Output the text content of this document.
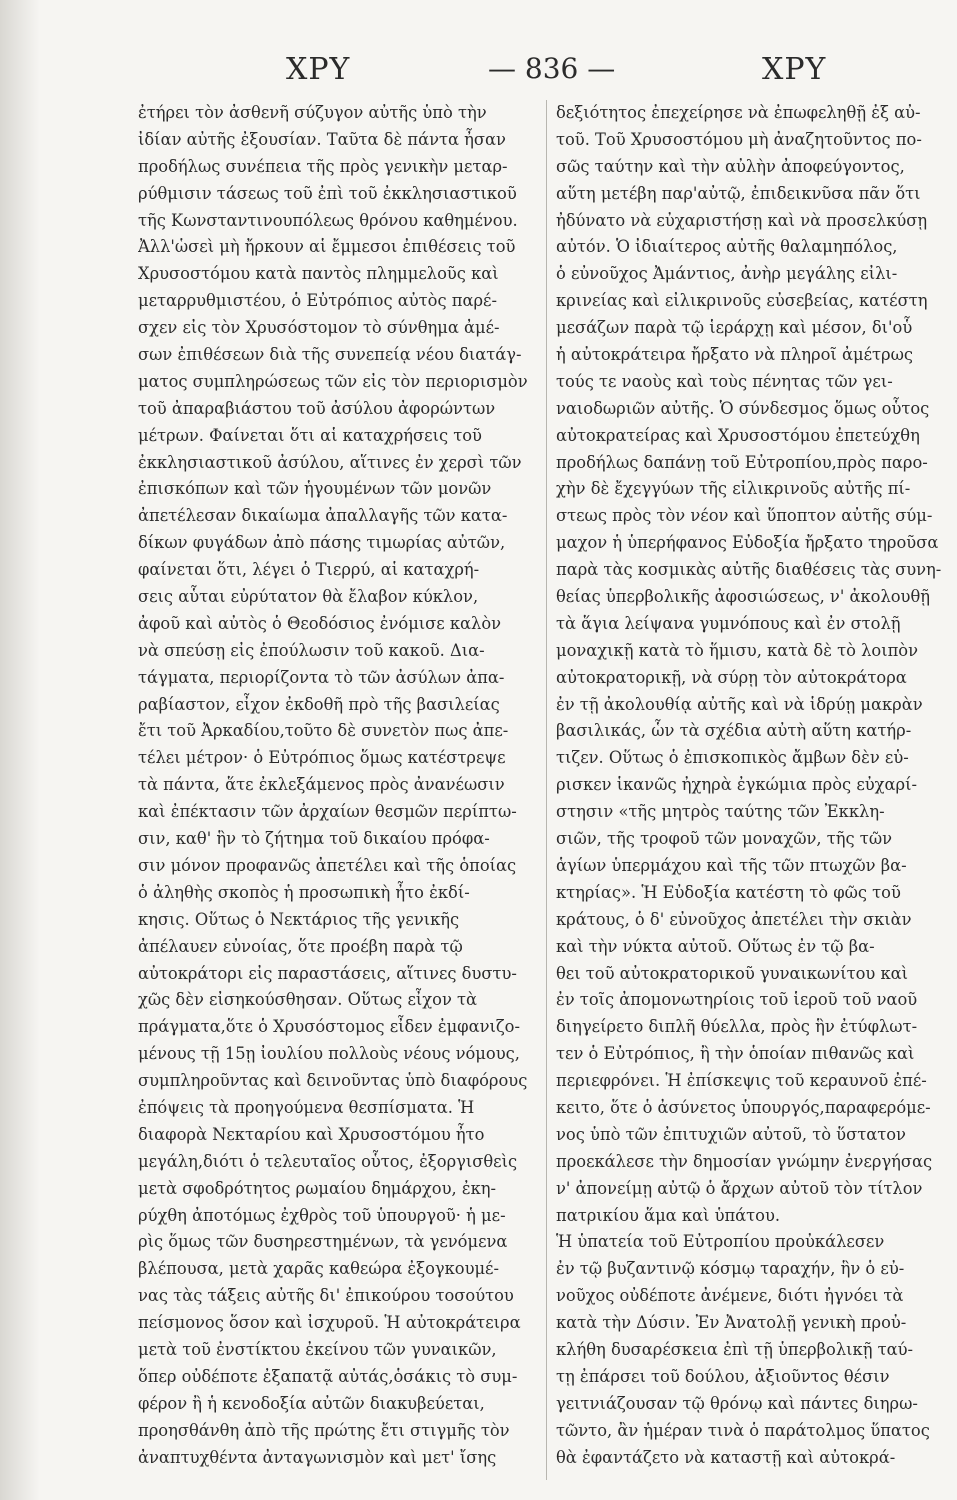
ΧΡΥ	— 836 —	ΧΡΥ
ἐτήρει τὸν ἀσθενῆ σύζυγον αὐτῆς ὑπὸ τὴν
ἰδίαν αὐτῆς ἐξουσίαν. Ταῦτα δὲ πάντα ἦσαν
προδήλως συνέπεια τῆς πρὸς γενικὴν μεταρ-
ρύθμισιν τάσεως τοῦ ἐπὶ τοῦ ἐκκλησιαστικοῦ
τῆς Κωνσταντινουπόλεως θρόνου καθημένου.
Ἀλλ'ὡσεὶ μὴ ἤρκουν αἱ ἔμμεσοι ἐπιθέσεις τοῦ
Χρυσοστόμου κατὰ παντὸς πλημμελοῦς καὶ
μεταρρυθμιστέου, ὁ Εὐτρόπιος αὐτὸς παρέ-
σχεν εἰς τὸν Χρυσόστομον τὸ σύνθημα ἀμέ-
σων ἐπιθέσεων διὰ τῆς συνεπείᾳ νέου διατάγ-
ματος συμπληρώσεως τῶν εἰς τὸν περιορισμὸν
τοῦ ἀπαραβιάστου τοῦ ἀσύλου ἀφορώντων
μέτρων. Φαίνεται ὅτι αἱ καταχρήσεις τοῦ
ἐκκλησιαστικοῦ ἀσύλου, αἵτινες ἐν χερσὶ τῶν
ἐπισκόπων καὶ τῶν ἡγουμένων τῶν μονῶν
ἀπετέλεσαν δικαίωμα ἀπαλλαγῆς τῶν κατα-
δίκων φυγάδων ἀπὸ πάσης τιμωρίας αὐτῶν,
φαίνεται ὅτι, λέγει ὁ Τιερρύ, αἱ καταχρή-
σεις αὗται εὐρύτατον θὰ ἔλαβον κύκλον,
ἀφοῦ καὶ αὐτὸς ὁ Θεοδόσιος ἐνόμισε καλὸν
νὰ σπεύσῃ εἰς ἐπούλωσιν τοῦ κακοῦ. Δια-
τάγματα, περιορίζοντα τὸ τῶν ἀσύλων ἀπα-
ραβίαστον, εἶχον ἐκδοθῆ πρὸ τῆς βασιλείας
ἔτι τοῦ Ἀρκαδίου,τοῦτο δὲ συνετὸν πως ἀπε-
τέλει μέτρον· ὁ Εὐτρόπιος ὅμως κατέστρεψε
τὰ πάντα, ἅτε ἐκλεξάμενος πρὸς ἀνανέωσιν
καὶ ἐπέκτασιν τῶν ἀρχαίων θεσμῶν περίπτω-
σιν, καθ' ἣν τὸ ζήτημα τοῦ δικαίου πρόφα-
σιν μόνον προφανῶς ἀπετέλει καὶ τῆς ὁποίας
ὁ ἀληθὴς σκοπὸς ἡ προσωπικὴ ἦτο ἐκδί-
κησις. Οὕτως ὁ Νεκτάριος τῆς γενικῆς
ἀπέλαυεν εὐνοίας, ὅτε προέβη παρὰ τῷ
αὐτοκράτορι εἰς παραστάσεις, αἵτινες δυστυ-
χῶς δὲν εἰσηκούσθησαν. Οὕτως εἶχον τὰ
πράγματα,ὅτε ὁ Χρυσόστομος εἶδεν ἐμφανιζο-
μένους τῇ 15ῃ ἰουλίου πολλοὺς νέους νόμους,
συμπληροῦντας καὶ δεινοῦντας ὑπὸ διαφόρους
ἐπόψεις τὰ προηγούμενα θεσπίσματα. Ἡ
διαφορὰ Νεκταρίου καὶ Χρυσοστόμου ἦτο
μεγάλη,διότι ὁ τελευταῖος οὗτος, ἐξοργισθεὶς
μετὰ σφοδρότητος ρωμαίου δημάρχου, ἐκη-
ρύχθη ἀποτόμως ἐχθρὸς τοῦ ὑπουργοῦ· ἡ με-
ρὶς ὅμως τῶν δυσηρεστημένων, τὰ γενόμενα
βλέπουσα, μετὰ χαρᾶς καθεώρα ἐξογκουμέ-
νας τὰς τάξεις αὐτῆς δι' ἐπικούρου τοσούτου
πείσμονος ὅσον καὶ ἰσχυροῦ. Ἡ αὐτοκράτειρα
μετὰ τοῦ ἐνστίκτου ἐκείνου τῶν γυναικῶν,
ὅπερ οὐδέποτε ἐξαπατᾷ αὐτάς,ὁσάκις τὸ συμ-
φέρον ἢ ἡ κενοδοξία αὐτῶν διακυβεύεται,
προησθάνθη ἀπὸ τῆς πρώτης ἔτι στιγμῆς τὸν
ἀναπτυχθέντα ἀνταγωνισμὸν καὶ μετ' ἴσης
δεξιότητος ἐπεχείρησε νὰ ἐπωφεληθῇ ἐξ αὐ-
τοῦ. Τοῦ Χρυσοστόμου μὴ ἀναζητοῦντος πο-
σῶς ταύτην καὶ τὴν αὐλὴν ἀποφεύγοντος,
αὕτη μετέβη παρ'αὐτῷ, ἐπιδεικνῦσα πᾶν ὅτι
ἠδύνατο νὰ εὐχαριστήσῃ καὶ νὰ προσελκύσῃ
αὐτόν. Ὁ ἰδιαίτερος αὐτῆς θαλαμηπόλος,
ὁ εὐνοῦχος Ἀμάντιος, ἀνὴρ μεγάλης εἰλι-
κρινείας καὶ εἰλικρινοῦς εὐσεβείας, κατέστη
μεσάζων παρὰ τῷ ἱεράρχῃ καὶ μέσον, δι'οὗ
ἡ αὐτοκράτειρα ἤρξατο νὰ πληροῖ ἀμέτρως
τούς τε ναοὺς καὶ τοὺς πένητας τῶν γει-
ναιοδωριῶν αὐτῆς. Ὁ σύνδεσμος ὅμως οὗτος
αὐτοκρατείρας καὶ Χρυσοστόμου ἐπετεύχθη
προδήλως δαπάνῃ τοῦ Εὐτροπίου,πρὸς παρο-
χὴν δὲ ἔχεγγύων τῆς εἰλικρινοῦς αὐτῆς πί-
στεως πρὸς τὸν νέον καὶ ὕποπτον αὐτῆς σύμ-
μαχον ἡ ὑπερήφανος Εὐδοξία ἤρξατο τηροῦσα
παρὰ τὰς κοσμικὰς αὐτῆς διαθέσεις τὰς συνη-
θείας ὑπερβολικῆς ἀφοσιώσεως, ν' ἀκολουθῇ
τὰ ἅγια λείψανα γυμνόπους καὶ ἐν στολῇ
μοναχικῇ κατὰ τὸ ἥμισυ, κατὰ δὲ τὸ λοιπὸν
αὐτοκρατορικῇ, νὰ σύρῃ τὸν αὐτοκράτορα
ἐν τῇ ἀκολουθίᾳ αὐτῆς καὶ νὰ ἱδρύῃ μακρὰν
βασιλικάς, ὧν τὰ σχέδια αὐτὴ αὕτη κατήρ-
τιζεν. Οὕτως ὁ ἐπισκοπικὸς ἄμβων δὲν εὑ-
ρισκεν ἱκανῶς ἠχηρὰ ἐγκώμια πρὸς εὐχαρί-
στησιν «τῆς μητρὸς ταύτης τῶν Ἐκκλη-
σιῶν, τῆς τροφοῦ τῶν μοναχῶν, τῆς τῶν
ἁγίων ὑπερμάχου καὶ τῆς τῶν πτωχῶν βα-
κτηρίας». Ἡ Εὐδοξία κατέστη τὸ φῶς τοῦ
κράτους, ὁ δ' εὐνοῦχος ἀπετέλει τὴν σκιὰν
καὶ τὴν νύκτα αὐτοῦ. Οὕτως ἐν τῷ βα-
θει τοῦ αὐτοκρατορικοῦ γυναικωνίτου καὶ
ἐν τοῖς ἀπομονωτηρίοις τοῦ ἱεροῦ τοῦ ναοῦ
διηγείρετο διπλῆ θύελλα, πρὸς ἣν ἐτύφλωτ-
τεν ὁ Εὐτρόπιος, ἢ τὴν ὁποίαν πιθανῶς καὶ
περιεφρόνει. Ἡ ἐπίσκεψις τοῦ κεραυνοῦ ἐπέ-
κειτο, ὅτε ὁ ἀσύνετος ὑπουργός,παραφερόμε-
νος ὑπὸ τῶν ἐπιτυχιῶν αὐτοῦ, τὸ ὕστατον
προεκάλεσε τὴν δημοσίαν γνώμην ἐνεργήσας
ν' ἀπονείμῃ αὐτῷ ὁ ἄρχων αὐτοῦ τὸν τίτλον
πατρικίου ἅμα καὶ ὑπάτου.
Ἡ ὑπατεία τοῦ Εὐτροπίου προὐκάλεσεν
ἐν τῷ βυζαντινῷ κόσμῳ ταραχήν, ἣν ὁ εὐ-
νοῦχος οὐδέποτε ἀνέμενε, διότι ἠγνόει τὰ
κατὰ τὴν Δύσιν. Ἐν Ἀνατολῇ γενικὴ προὐ-
κλήθη δυσαρέσκεια ἐπὶ τῇ ὑπερβολικῇ ταύ-
τῃ ἐπάρσει τοῦ δούλου, ἀξιοῦντος θέσιν
γειτνιάζουσαν τῷ θρόνῳ καὶ πάντες διηρω-
τῶντο, ἂν ἡμέραν τινὰ ὁ παράτολμος ὕπατος
θὰ ἐφαντάζετο νὰ καταστῇ καὶ αὐτοκρά-
